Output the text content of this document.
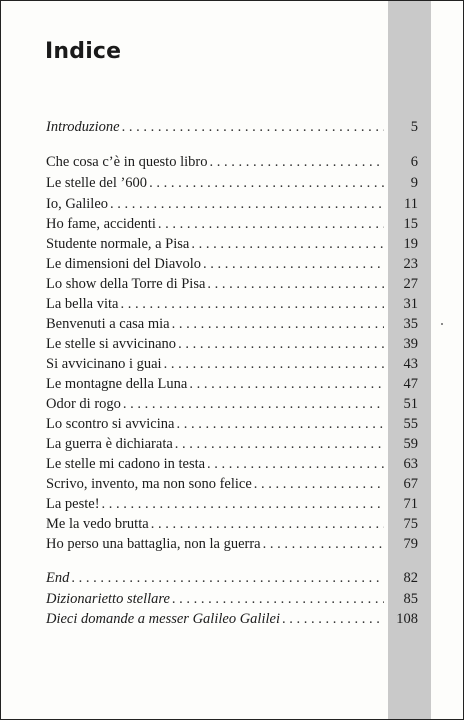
Indice
Introduzione . . .	5
Che cosa c’è in questo libro . . .	6
Le stelle del ’600 . . .	9
Io, Galileo . . .	11
Ho fame, accidenti . . .	15
Studente normale, a Pisa . . .	19
Le dimensioni del Diavolo . . .	23
Lo show della Torre di Pisa . . .	27
La bella vita . . .	31
Benvenuti a casa mia . . .	35
Le stelle si avvicinano . . .	39
Si avvicinano i guai . . .	43
Le montagne della Luna . . .	47
Odor di rogo . . .	51
Lo scontro si avvicina . . .	55
La guerra è dichiarata . . .	59
Le stelle mi cadono in testa . . .	63
Scrivo, invento, ma non sono felice . . .	67
La peste! . . .	71
Me la vedo brutta . . .	75
Ho perso una battaglia, non la guerra . . .	79
End . . .	82
Dizionarietto stellare . . .	85
Dieci domande a messer Galileo Galilei . . .	108
